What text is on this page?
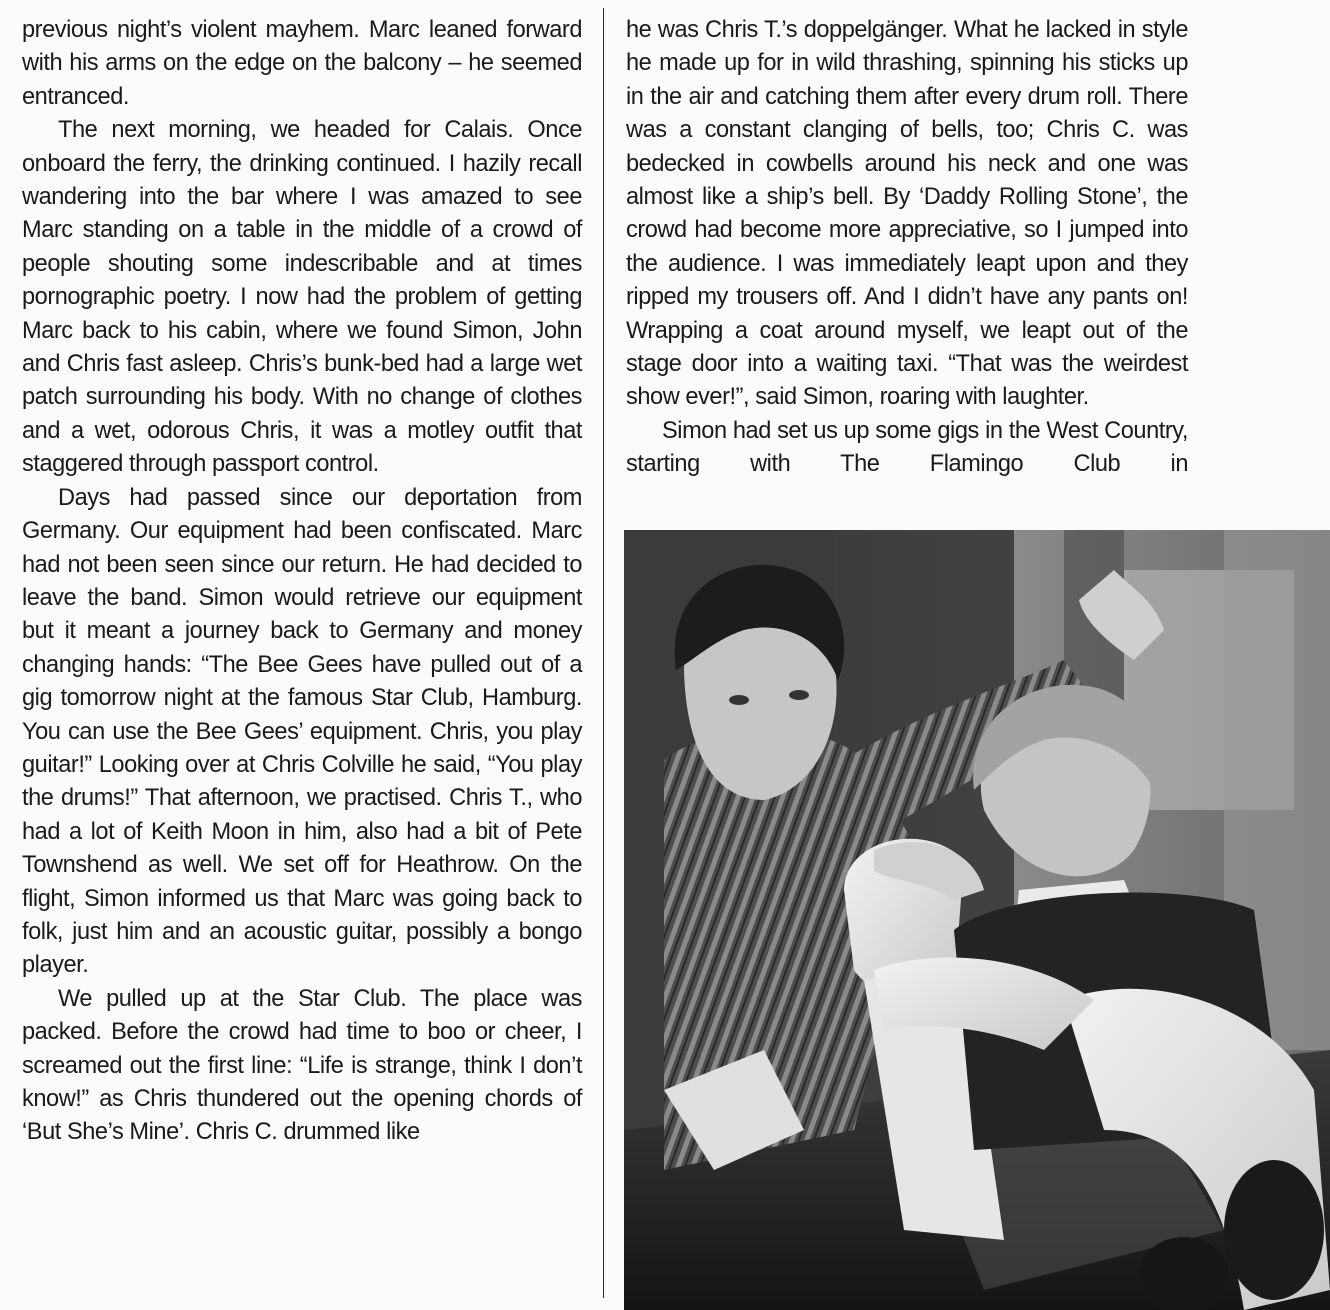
previous night’s violent mayhem. Marc leaned forward with his arms on the edge on the balcony – he seemed entranced.

The next morning, we headed for Calais. Once onboard the ferry, the drinking continued. I hazily recall wandering into the bar where I was amazed to see Marc standing on a table in the middle of a crowd of people shouting some indescribable and at times pornographic poetry. I now had the problem of getting Marc back to his cabin, where we found Simon, John and Chris fast asleep. Chris’s bunk-bed had a large wet patch surrounding his body. With no change of clothes and a wet, odorous Chris, it was a motley outfit that staggered through passport control.

Days had passed since our deportation from Germany. Our equipment had been confiscated. Marc had not been seen since our return. He had decided to leave the band. Simon would retrieve our equipment but it meant a journey back to Germany and money changing hands: “The Bee Gees have pulled out of a gig tomorrow night at the famous Star Club, Hamburg. You can use the Bee Gees’ equipment. Chris, you play guitar!” Looking over at Chris Colville he said, “You play the drums!” That afternoon, we practised. Chris T., who had a lot of Keith Moon in him, also had a bit of Pete Townshend as well. We set off for Heathrow. On the flight, Simon informed us that Marc was going back to folk, just him and an acoustic guitar, possibly a bongo player.

We pulled up at the Star Club. The place was packed. Before the crowd had time to boo or cheer, I screamed out the first line: “Life is strange, think I don’t know!” as Chris thundered out the opening chords of ‘But She’s Mine’. Chris C. drummed like

he was Chris T.’s doppelgänger. What he lacked in style he made up for in wild thrashing, spinning his sticks up in the air and catching them after every drum roll. There was a constant clanging of bells, too; Chris C. was bedecked in cowbells around his neck and one was almost like a ship’s bell. By ‘Daddy Rolling Stone’, the crowd had become more appreciative, so I jumped into the audience. I was immediately leapt upon and they ripped my trousers off. And I didn’t have any pants on! Wrapping a coat around myself, we leapt out of the stage door into a waiting taxi. “That was the weirdest show ever!”, said Simon, roaring with laughter.

Simon had set us up some gigs in the West Country, starting with The Flamingo Club in
